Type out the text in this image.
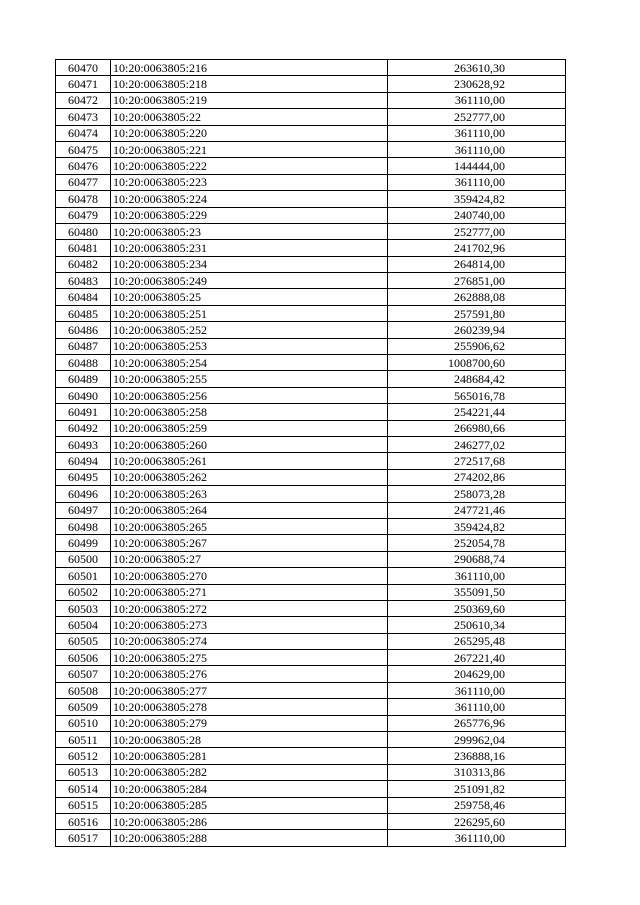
60470	10:20:0063805:216	263610,30
60471	10:20:0063805:218	230628,92
60472	10:20:0063805:219	361110,00
60473	10:20:0063805:22	252777,00
60474	10:20:0063805:220	361110,00
60475	10:20:0063805:221	361110,00
60476	10:20:0063805:222	144444,00
60477	10:20:0063805:223	361110,00
60478	10:20:0063805:224	359424,82
60479	10:20:0063805:229	240740,00
60480	10:20:0063805:23	252777,00
60481	10:20:0063805:231	241702,96
60482	10:20:0063805:234	264814,00
60483	10:20:0063805:249	276851,00
60484	10:20:0063805:25	262888,08
60485	10:20:0063805:251	257591,80
60486	10:20:0063805:252	260239,94
60487	10:20:0063805:253	255906,62
60488	10:20:0063805:254	1008700,60
60489	10:20:0063805:255	248684,42
60490	10:20:0063805:256	565016,78
60491	10:20:0063805:258	254221,44
60492	10:20:0063805:259	266980,66
60493	10:20:0063805:260	246277,02
60494	10:20:0063805:261	272517,68
60495	10:20:0063805:262	274202,86
60496	10:20:0063805:263	258073,28
60497	10:20:0063805:264	247721,46
60498	10:20:0063805:265	359424,82
60499	10:20:0063805:267	252054,78
60500	10:20:0063805:27	290688,74
60501	10:20:0063805:270	361110,00
60502	10:20:0063805:271	355091,50
60503	10:20:0063805:272	250369,60
60504	10:20:0063805:273	250610,34
60505	10:20:0063805:274	265295,48
60506	10:20:0063805:275	267221,40
60507	10:20:0063805:276	204629,00
60508	10:20:0063805:277	361110,00
60509	10:20:0063805:278	361110,00
60510	10:20:0063805:279	265776,96
60511	10:20:0063805:28	299962,04
60512	10:20:0063805:281	236888,16
60513	10:20:0063805:282	310313,86
60514	10:20:0063805:284	251091,82
60515	10:20:0063805:285	259758,46
60516	10:20:0063805:286	226295,60
60517	10:20:0063805:288	361110,00
